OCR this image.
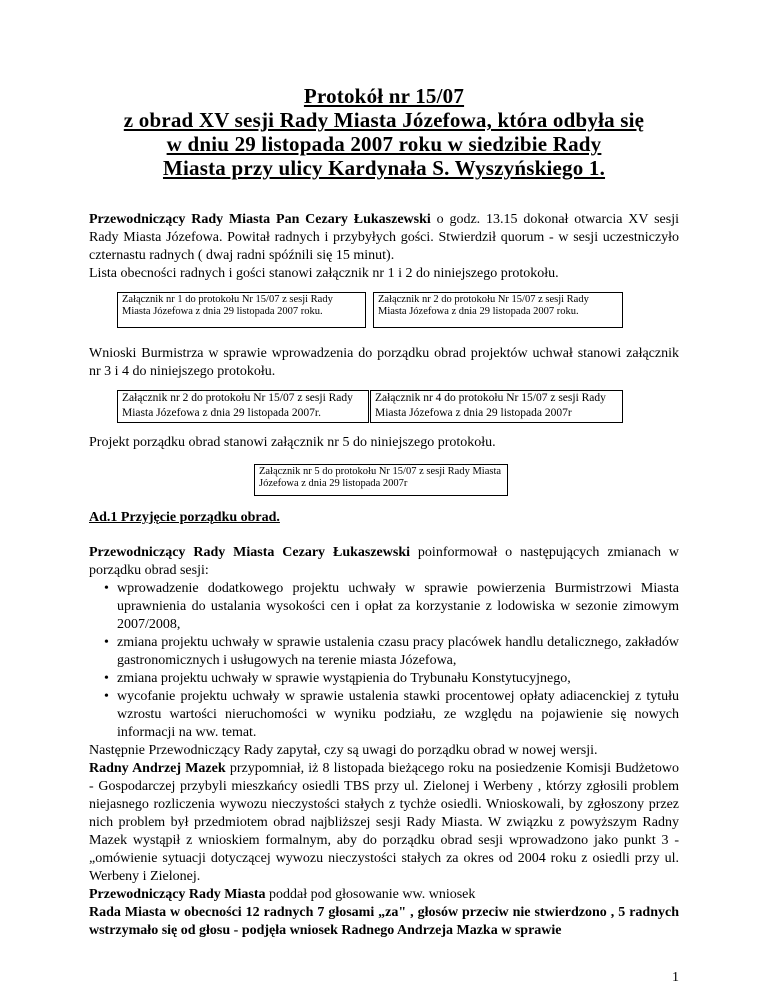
Protokół nr 15/07
z obrad XV sesji Rady Miasta Józefowa, która odbyła się
w dniu 29 listopada 2007 roku w siedzibie Rady
Miasta przy ulicy Kardynała S. Wyszyńskiego 1.
Przewodniczący Rady Miasta Pan Cezary Łukaszewski o godz. 13.15 dokonał otwarcia XV sesji Rady Miasta Józefowa. Powitał radnych i przybyłych gości. Stwierdził quorum - w sesji uczestniczyło czternastu radnych ( dwaj radni spóźnili się 15 minut).
Lista obecności radnych i gości stanowi załącznik nr 1 i 2 do niniejszego protokołu.
Załącznik nr 1 do protokołu Nr 15/07 z sesji Rady Miasta Józefowa z dnia 29 listopada 2007 roku.
Załącznik nr 2 do protokołu Nr 15/07 z sesji Rady Miasta Józefowa z dnia 29 listopada 2007 roku.
Wnioski Burmistrza w sprawie wprowadzenia do porządku obrad projektów uchwał stanowi załącznik nr 3 i 4 do niniejszego protokołu.
Załącznik nr 2 do protokołu Nr 15/07 z sesji Rady Miasta Józefowa z dnia 29 listopada 2007r.
Załącznik nr 4 do protokołu Nr 15/07 z sesji Rady Miasta Józefowa z dnia 29 listopada 2007r
Projekt porządku obrad stanowi załącznik nr 5 do niniejszego protokołu.
Załącznik nr 5 do protokołu Nr 15/07 z sesji Rady Miasta Józefowa z dnia 29 listopada 2007r
Ad.1 Przyjęcie porządku obrad.
Przewodniczący Rady Miasta Cezary Łukaszewski poinformował o następujących zmianach w porządku obrad sesji:
• wprowadzenie dodatkowego projektu uchwały w sprawie powierzenia Burmistrzowi Miasta uprawnienia do ustalania wysokości cen i opłat za korzystanie z lodowiska w sezonie zimowym 2007/2008,
• zmiana projektu uchwały w sprawie ustalenia czasu pracy placówek handlu detalicznego, zakładów gastronomicznych i usługowych na terenie miasta Józefowa,
• zmiana projektu uchwały w sprawie wystąpienia do Trybunału Konstytucyjnego,
• wycofanie projektu uchwały w sprawie ustalenia stawki procentowej opłaty adiacenckiej z tytułu wzrostu wartości nieruchomości w wyniku podziału, ze względu na pojawienie się nowych informacji na ww. temat.
Następnie Przewodniczący Rady zapytał, czy są uwagi do porządku obrad w nowej wersji.
Radny Andrzej Mazek przypomniał, iż 8 listopada bieżącego roku na posiedzenie Komisji Budżetowo - Gospodarczej przybyli mieszkańcy osiedli TBS przy ul. Zielonej i Werbeny , którzy zgłosili problem niejasnego rozliczenia wywozu nieczystości stałych z tychże osiedli. Wnioskowali, by zgłoszony przez nich problem był przedmiotem obrad najbliższej sesji Rady Miasta. W związku z powyższym Radny Mazek wystąpił z wnioskiem formalnym, aby do porządku obrad sesji wprowadzono jako punkt 3 - „omówienie sytuacji dotyczącej wywozu nieczystości stałych za okres od 2004 roku z osiedli przy ul. Werbeny i Zielonej.
Przewodniczący Rady Miasta poddał pod głosowanie ww. wniosek
Rada Miasta w obecności 12 radnych 7 głosami „za" , głosów przeciw nie stwierdzono , 5 radnych wstrzymało się od głosu - podjęła wniosek Radnego Andrzeja Mazka w sprawie
1
